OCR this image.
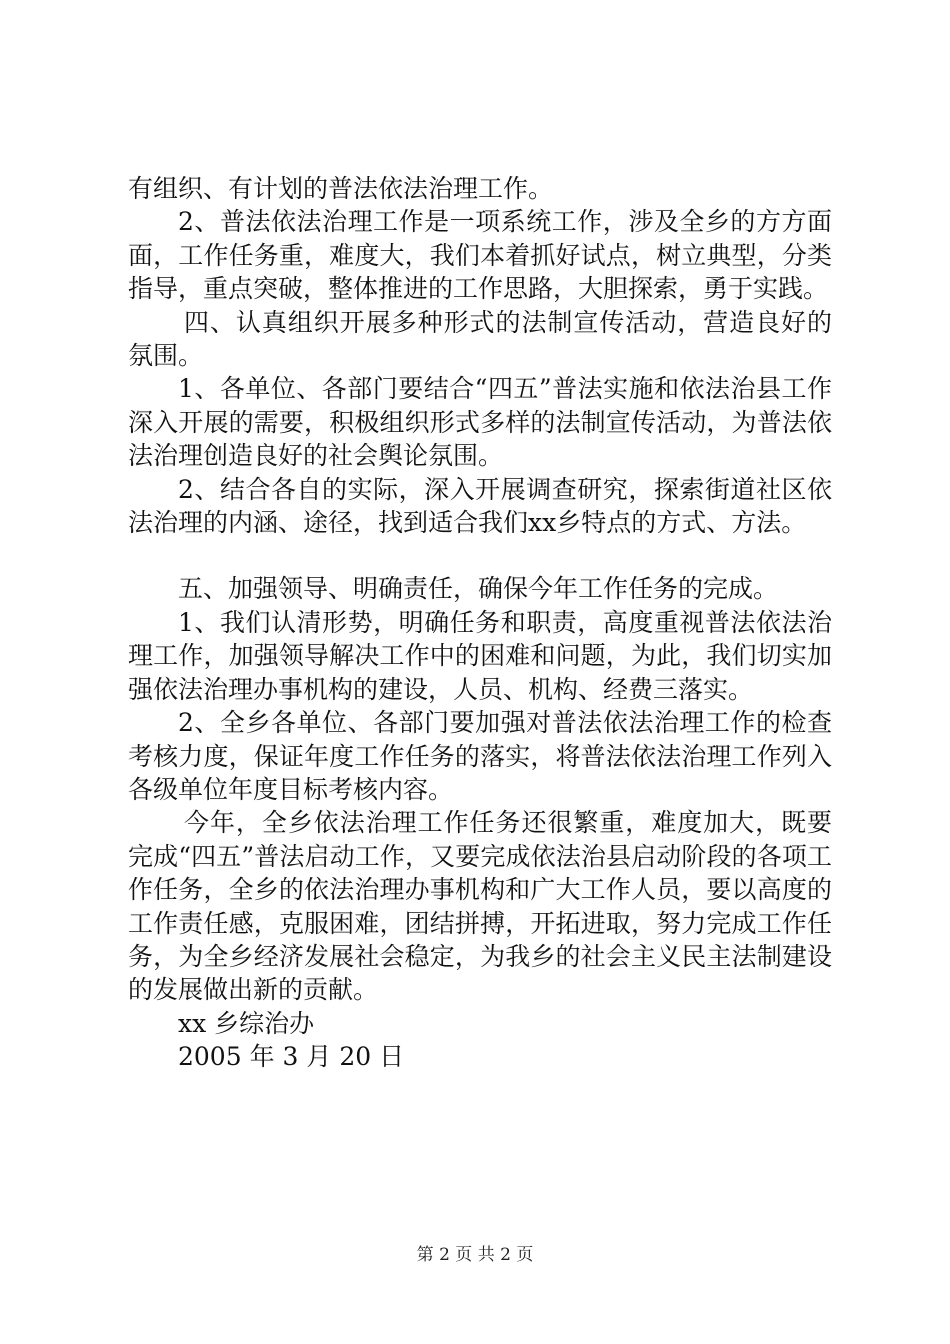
有组织、有计划的普法依法治理工作。

2、普法依法治理工作是一项系统工作，涉及全乡的方方面面，工作任务重，难度大，我们本着抓好试点，树立典型，分类指导，重点突破，整体推进的工作思路，大胆探索，勇于实践。

四、认真组织开展多种形式的法制宣传活动，营造良好的氛围。

1、各单位、各部门要结合“四五”普法实施和依法治县工作深入开展的需要，积极组织形式多样的法制宣传活动，为普法依法治理创造良好的社会舆论氛围。

2、结合各自的实际，深入开展调查研究，探索街道社区依法治理的内涵、途径，找到适合我们xx乡特点的方式、方法。

五、加强领导、明确责任，确保今年工作任务的完成。

1、我们认清形势，明确任务和职责，高度重视普法依法治理工作，加强领导解决工作中的困难和问题，为此，我们切实加强依法治理办事机构的建设，人员、机构、经费三落实。

2、全乡各单位、各部门要加强对普法依法治理工作的检查考核力度，保证年度工作任务的落实，将普法依法治理工作列入各级单位年度目标考核内容。

今年，全乡依法治理工作任务还很繁重，难度加大，既要完成“四五”普法启动工作，又要完成依法治县启动阶段的各项工作任务，全乡的依法治理办事机构和广大工作人员，要以高度的工作责任感，克服困难，团结拼搏，开拓进取，努力完成工作任务，为全乡经济发展社会稳定，为我乡的社会主义民主法制建设的发展做出新的贡献。

xx 乡综治办

2005 年 3 月 20 日

第 2 页 共 2 页
